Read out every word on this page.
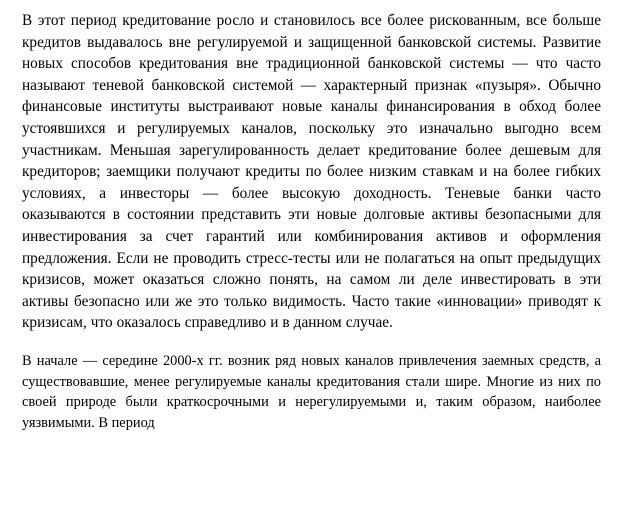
В этот период кредитование росло и становилось все более рискованным, все больше кредитов выдавалось вне регулируемой и защищенной банковской системы. Развитие новых способов кредитования вне традиционной банковской системы — что часто называют теневой банковской системой — характерный признак «пузыря». Обычно финансовые институты выстраивают новые каналы финансирования в обход более устоявшихся и регулируемых каналов, поскольку это изначально выгодно всем участникам. Меньшая зарегулированность делает кредитование более дешевым для кредиторов; заемщики получают кредиты по более низким ставкам и на более гибких условиях, а инвесторы — более высокую доходность. Теневые банки часто оказываются в состоянии представить эти новые долговые активы безопасными для инвестирования за счет гарантий или комбинирования активов и оформления предложения. Если не проводить стресс-тесты или не полагаться на опыт предыдущих кризисов, может оказаться сложно понять, на самом ли деле инвестировать в эти активы безопасно или же это только видимость. Часто такие «инновации» приводят к кризисам, что оказалось справедливо и в данном случае.

В начале — середине 2000-х гг. возник ряд новых каналов привлечения заемных средств, а существовавшие, менее регулируемые каналы кредитования стали шире. Многие из них по своей природе были краткосрочными и нерегулируемыми и, таким образом, наиболее уязвимыми. В период
